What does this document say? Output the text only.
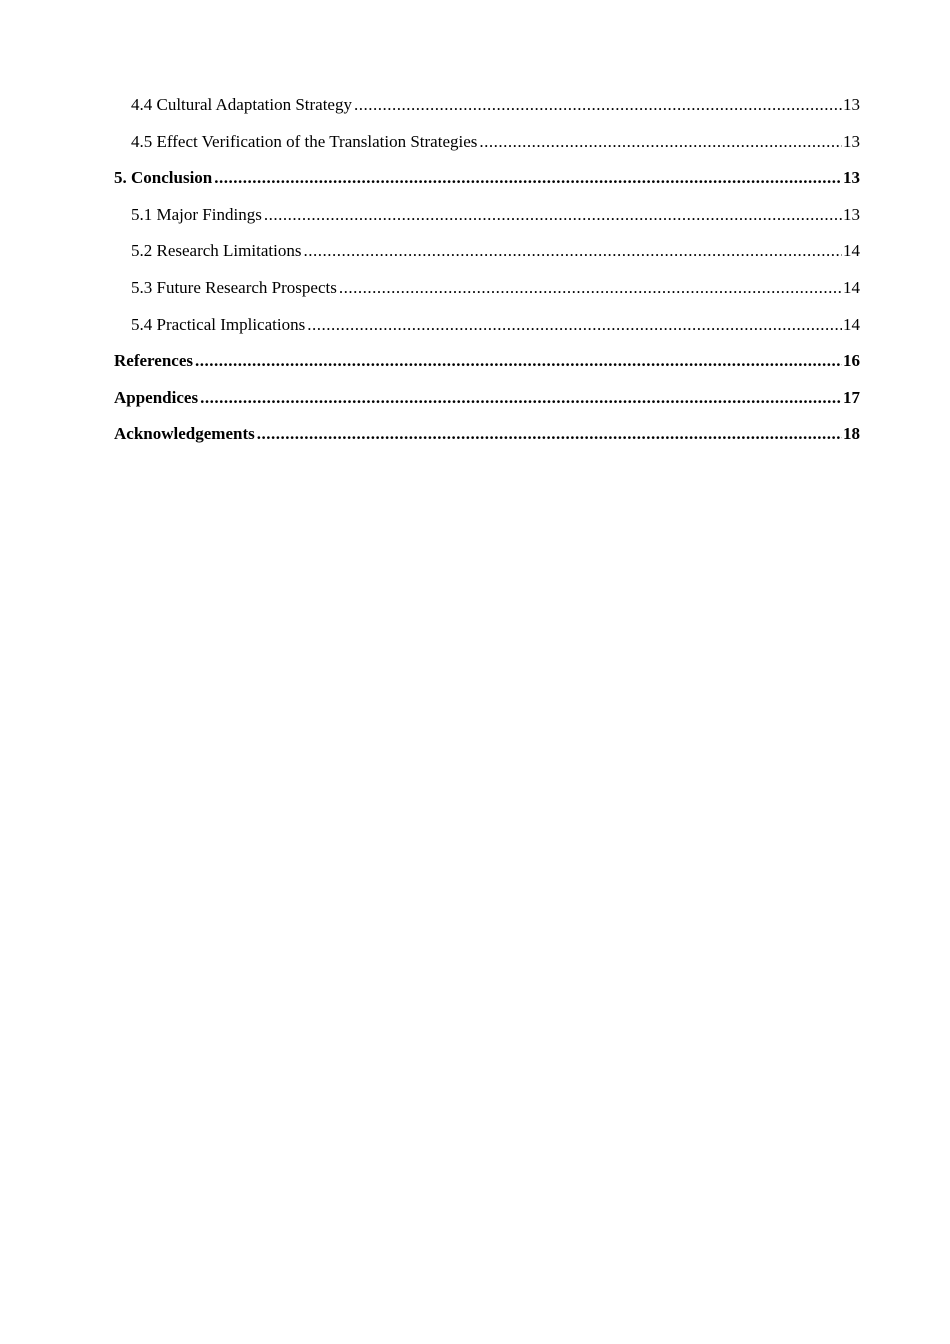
4.4 Cultural Adaptation Strategy .....	13
4.5 Effect Verification of the Translation Strategies .....	13
5. Conclusion .....	13
5.1 Major Findings .....	13
5.2 Research Limitations .....	14
5.3 Future Research Prospects .....	14
5.4 Practical Implications .....	14
References .....	16
Appendices .....	17
Acknowledgements .....	18
